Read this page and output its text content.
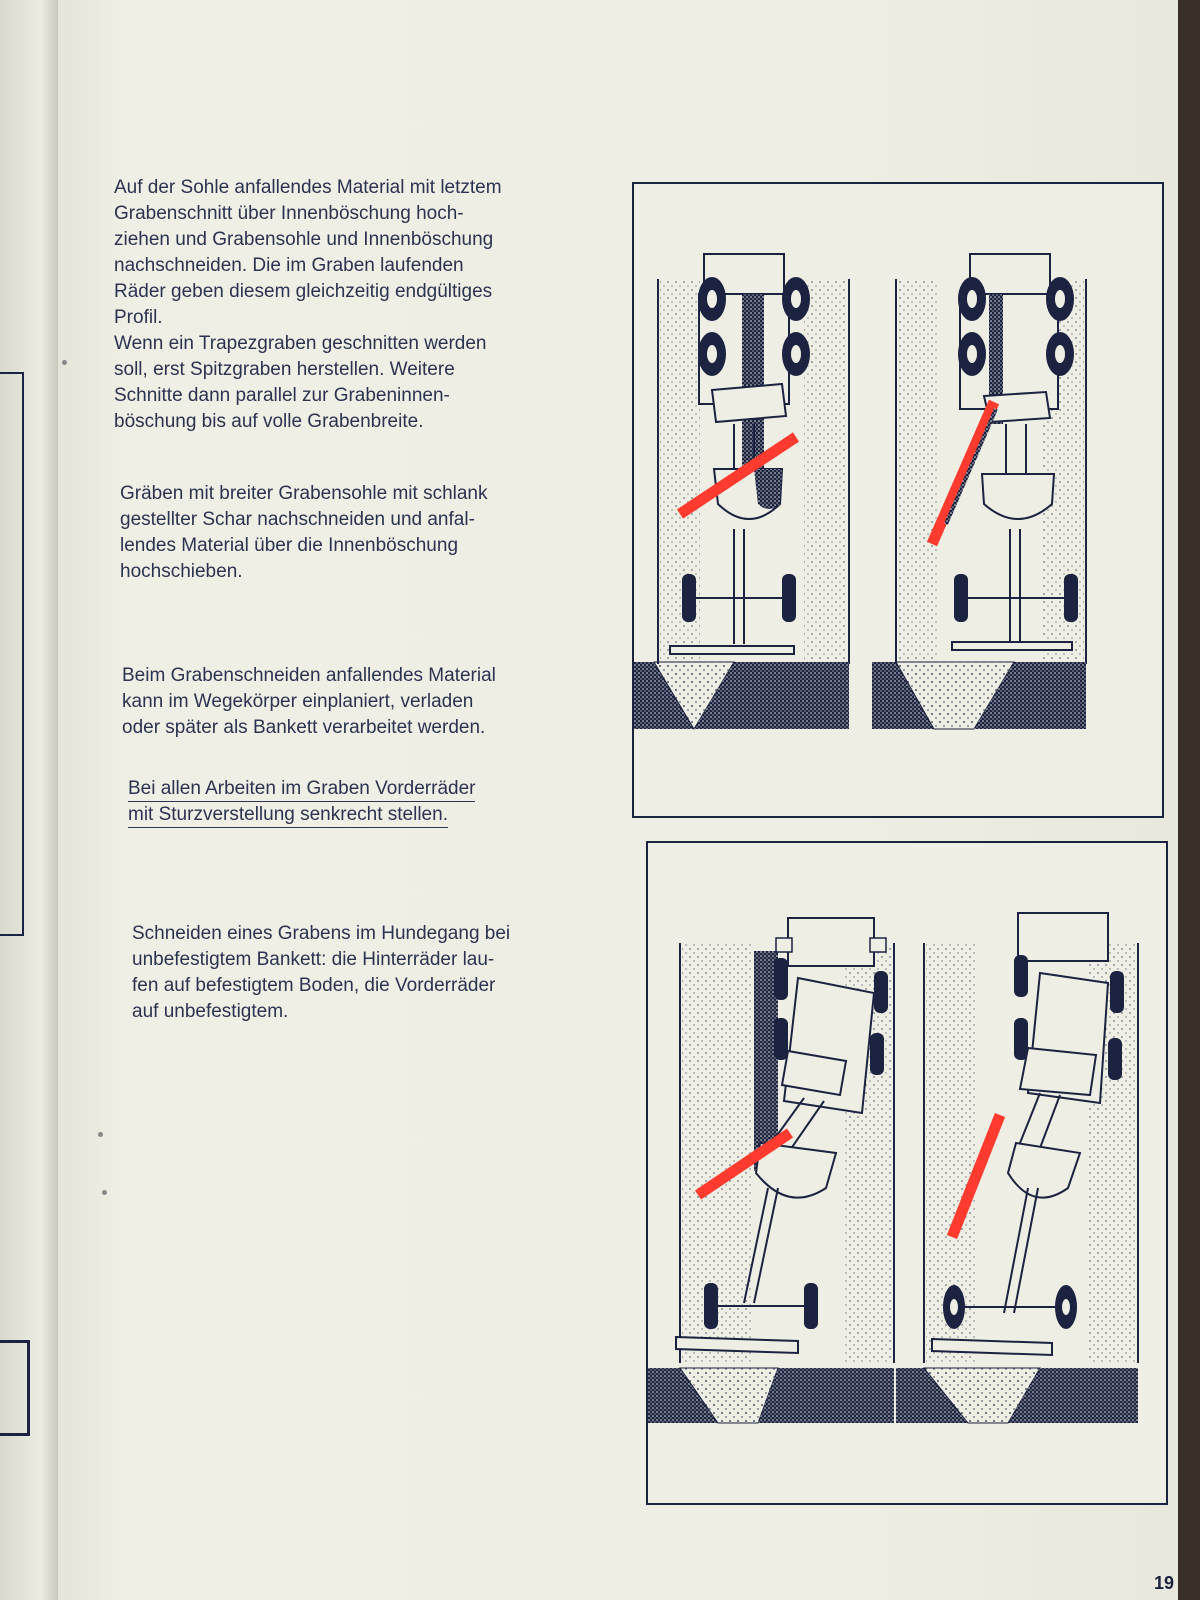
Auf der Sohle anfallendes Material mit letztem

Grabenschnitt über Innenböschung hoch-

ziehen und Grabensohle und Innenböschung

nachschneiden. Die im Graben laufenden

Räder geben diesem gleichzeitig endgültiges

Profil.

Wenn ein Trapezgraben geschnitten werden

soll, erst Spitzgraben herstellen. Weitere

Schnitte dann parallel zur Grabeninnen-

böschung bis auf volle Grabenbreite.

Gräben mit breiter Grabensohle mit schlank

gestellter Schar nachschneiden und anfal-

lendes Material über die Innenböschung

hochschieben.

Beim Grabenschneiden anfallendes Material

kann im Wegekörper einplaniert, verladen

oder später als Bankett verarbeitet werden.

Bei allen Arbeiten im Graben Vorderräder

mit Sturzverstellung senkrecht stellen.

Schneiden eines Grabens im Hundegang bei

unbefestigtem Bankett: die Hinterräder lau-

fen auf befestigtem Boden, die Vorderräder

auf unbefestigtem.

19
